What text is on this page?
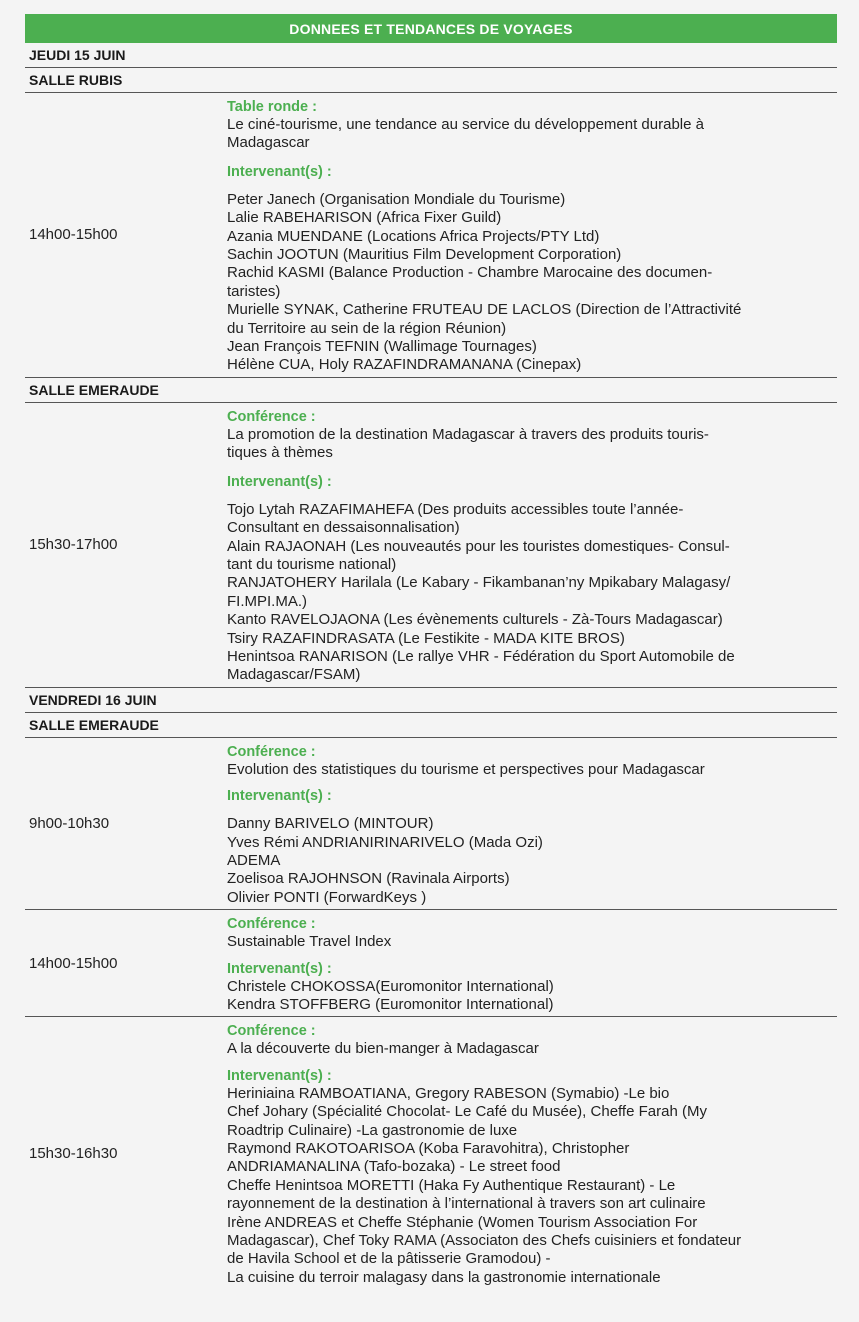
DONNEES ET TENDANCES DE VOYAGES
JEUDI 15 JUIN
SALLE RUBIS
14h00-15h00
Table ronde :
Le ciné-tourisme, une tendance au service du développement durable à
Madagascar
Intervenant(s) :
Peter Janech (Organisation Mondiale du Tourisme)
Lalie RABEHARISON (Africa Fixer Guild)
Azania MUENDANE (Locations Africa Projects/PTY Ltd)
Sachin JOOTUN (Mauritius Film Development Corporation)
Rachid KASMI (Balance Production - Chambre Marocaine des documen-
taristes)
Murielle SYNAK, Catherine FRUTEAU DE LACLOS (Direction de l’Attractivité
du Territoire au sein de la région Réunion)
Jean François TEFNIN (Wallimage Tournages)
Hélène CUA, Holy RAZAFINDRAMANANA (Cinepax)
SALLE EMERAUDE
15h30-17h00
Conférence :
La promotion de la destination Madagascar à travers des produits touris-
tiques à thèmes
Intervenant(s) :
Tojo Lytah RAZAFIMAHEFA (Des produits accessibles toute l’année-
Consultant en dessaisonnalisation)
Alain RAJAONAH (Les nouveautés pour les touristes domestiques- Consul-
tant du tourisme national)
RANJATOHERY Harilala (Le Kabary - Fikambanan’ny Mpikabary Malagasy/
FI.MPI.MA.)
Kanto RAVELOJAONA (Les évènements culturels - Zà-Tours Madagascar)
Tsiry RAZAFINDRASATA (Le Festikite - MADA KITE BROS)
Henintsoa RANARISON (Le rallye VHR - Fédération du Sport Automobile de
Madagascar/FSAM)
VENDREDI 16 JUIN
SALLE EMERAUDE
9h00-10h30
Conférence :
Evolution des statistiques du tourisme et perspectives pour Madagascar
Intervenant(s) :
Danny BARIVELO (MINTOUR)
Yves Rémi ANDRIANIRINARIVELO (Mada Ozi)
ADEMA
Zoelisoa RAJOHNSON (Ravinala Airports)
Olivier PONTI (ForwardKeys )
14h00-15h00
Conférence :
Sustainable Travel Index
Intervenant(s) :
Christele CHOKOSSA(Euromonitor International)
Kendra STOFFBERG (Euromonitor International)
15h30-16h30
Conférence :
A la découverte du bien-manger à Madagascar
Intervenant(s) :
Heriniaina RAMBOATIANA, Gregory RABESON (Symabio) -Le bio
Chef Johary (Spécialité Chocolat- Le Café du Musée), Cheffe Farah (My
Roadtrip Culinaire) -La gastronomie de luxe
Raymond RAKOTOARISOA (Koba Faravohitra), Christopher
ANDRIAMANALINA (Tafo-bozaka) - Le street food
Cheffe Henintsoa MORETTI (Haka Fy Authentique Restaurant) - Le
rayonnement de la destination à l’international à travers son art culinaire
Irène ANDREAS et Cheffe Stéphanie (Women Tourism Association For
Madagascar), Chef Toky RAMA (Associaton des Chefs cuisiniers et fondateur
de Havila School et de la pâtisserie Gramodou) -
La cuisine du terroir malagasy dans la gastronomie internationale
